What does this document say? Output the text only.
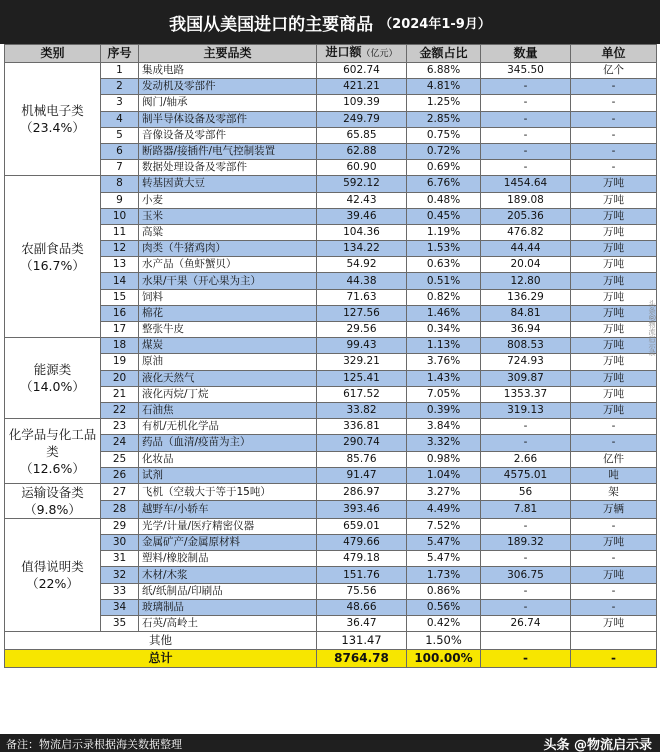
我国从美国进口的主要商品 （2024年1-9月）
类别	序号	主要品类	进口额（亿元）	金额占比	数量	单位

机械电子类
（23.4%）	1	集成电路	602.74	6.88%	345.50	亿个
	2	发动机及零部件	421.21	4.81%	-	-
	3	阀门/轴承	109.39	1.25%	-	-
	4	制半导体设备及零部件	249.79	2.85%	-	-
	5	音像设备及零部件	65.85	0.75%	-	-
	6	断路器/接插件/电气控制装置	62.88	0.72%	-	-
	7	数据处理设备及零部件	60.90	0.69%	-	-

农副食品类
（16.7%）	8	转基因黄大豆	592.12	6.76%	1454.64	万吨
	9	小麦	42.43	0.48%	189.08	万吨
	10	玉米	39.46	0.45%	205.36	万吨
	11	高粱	104.36	1.19%	476.82	万吨
	12	肉类（牛猪鸡肉）	134.22	1.53%	44.44	万吨
	13	水产品（鱼虾蟹贝）	54.92	0.63%	20.04	万吨
	14	水果/干果（开心果为主）	44.38	0.51%	12.80	万吨
	15	饲料	71.63	0.82%	136.29	万吨
	16	棉花	127.56	1.46%	84.81	万吨
	17	整张牛皮	29.56	0.34%	36.94	万吨

能源类
（14.0%）	18	煤炭	99.43	1.13%	808.53	万吨
	19	原油	329.21	3.76%	724.93	万吨
	20	液化天然气	125.41	1.43%	309.87	万吨
	21	液化丙烷/丁烷	617.52	7.05%	1353.37	万吨
	22	石油焦	33.82	0.39%	319.13	万吨

化学品与化工品类
（12.6%）	23	有机/无机化学品	336.81	3.84%	-	-
	24	药品（血清/疫苗为主）	290.74	3.32%	-	-
	25	化妆品	85.76	0.98%	2.66	亿件
	26	试剂	91.47	1.04%	4575.01	吨

运输设备类
（9.8%）	27	飞机（空载大于等于15吨）	286.97	3.27%	56	架
	28	越野车/小轿车	393.46	4.49%	7.81	万辆

值得说明类
（22%）	29	光学/计量/医疗精密仪器	659.01	7.52%	-	-
	30	金属矿产/金属原材料	479.66	5.47%	189.32	万吨
	31	塑料/橡胶制品	479.18	5.47%	-	-
	32	木材/木浆	151.76	1.73%	306.75	万吨
	33	纸/纸制品/印刷品	75.56	0.86%	-	-
	34	玻璃制品	48.66	0.56%	-	-
	35	石英/高岭土	36.47	0.42%	26.74	万吨
其他			131.47	1.50%		
总计			8764.78	100.00%	-	-
头条@物流启示录
备注：物流启示录根据海关数据整理	头条 @物流启示录
